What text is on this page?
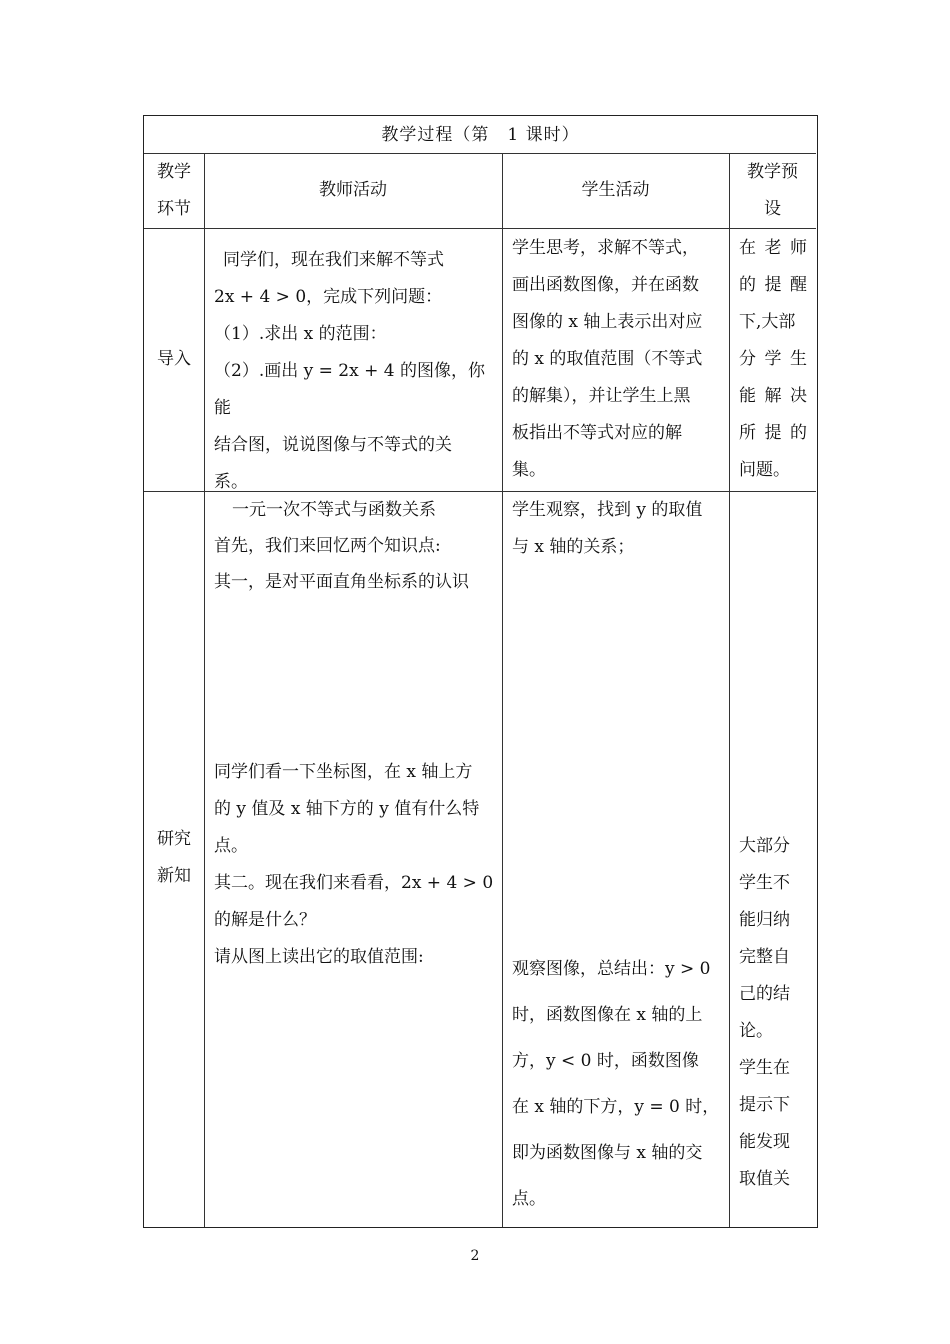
教学过程（第　1 课时）
教学
环节
教师活动	学生活动
教学预
设
导入
同学们，现在我们来解不等式
2x + 4 > 0，完成下列问题：
（1）.求出 x 的范围：
（2）.画出 y = 2x + 4 的图像，你能
结合图，说说图像与不等式的关
系。
学生思考，求解不等式，
画出函数图像，并在函数
图像的 x 轴上表示出对应
的 x 的取值范围（不等式
的解集），并让学生上黑
板指出不等式对应的解
集。
在老师
的提醒
下,大部
分学生
能解决
所提的
问题。
研究
新知
一元一次不等式与函数关系
首先，我们来回忆两个知识点:
其一，是对平面直角坐标系的认识
同学们看一下坐标图，在 x 轴上方
的 y 值及 x 轴下方的 y 值有什么特
点。
其二。现在我们来看看，2x + 4 > 0
的解是什么？
请从图上读出它的取值范围:
学生观察，找到 y 的取值
与 x 轴的关系；
观察图像，总结出：y > 0
时，函数图像在 x 轴的上
方，y < 0 时，函数图像
在 x 轴的下方，y = 0 时，
即为函数图像与 x 轴的交
点。
大部分
学生不
能归纳
完整自
己的结
论。
学生在
提示下
能发现
取值关
2
